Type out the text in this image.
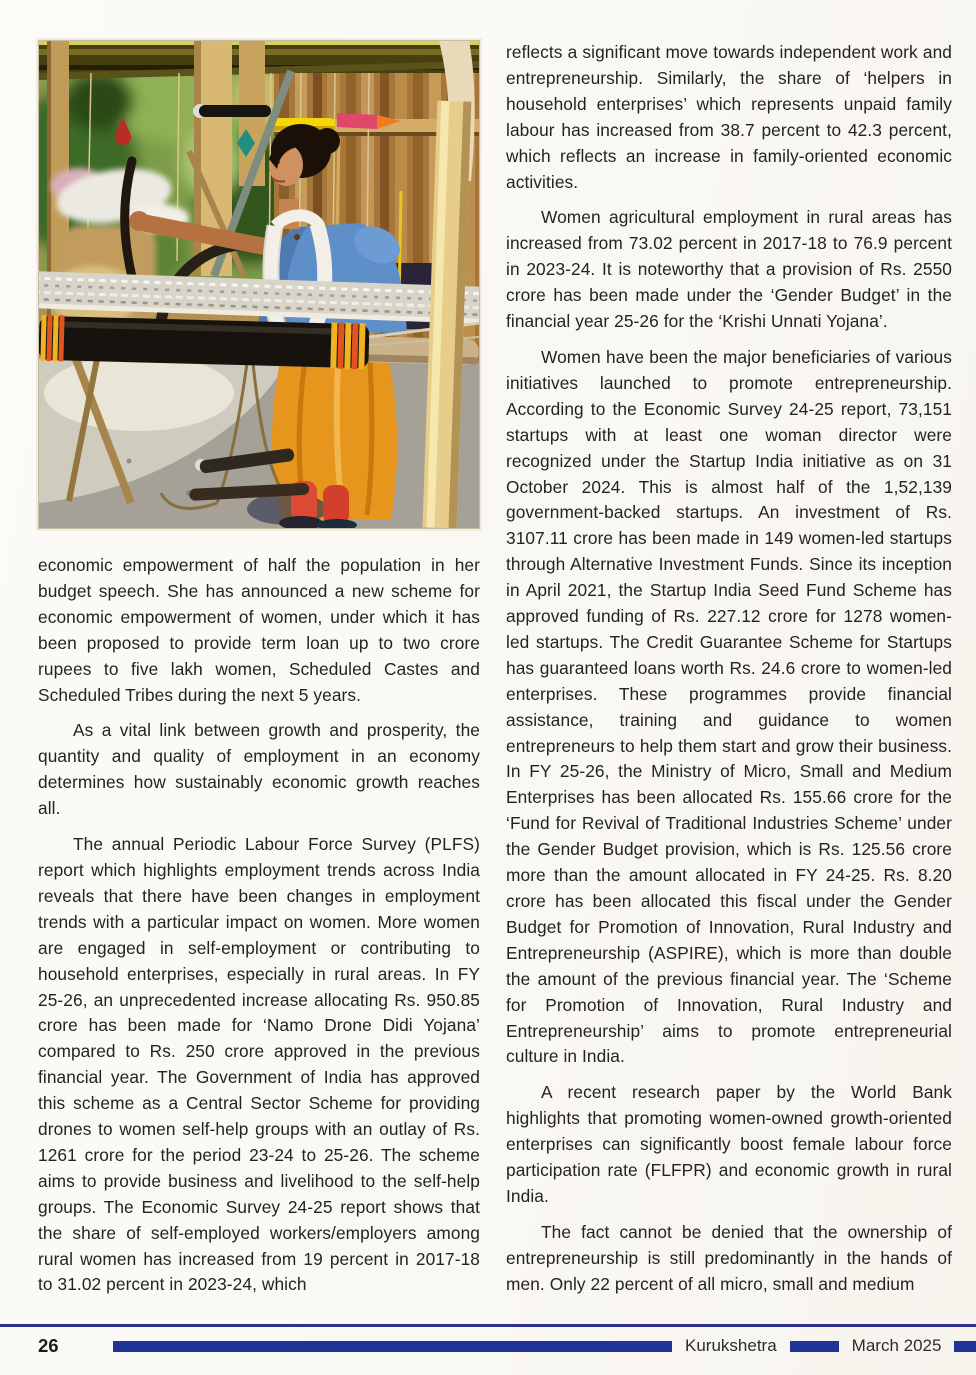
economic empowerment of half the population in her budget speech. She has announced a new scheme for economic empowerment of women, under which it has been proposed to provide term loan up to two crore rupees to five lakh women, Scheduled Castes and Scheduled Tribes during the next 5 years.

As a vital link between growth and prosperity, the quantity and quality of employment in an economy determines how sustainably economic growth reaches all.

The annual Periodic Labour Force Survey (PLFS) report which highlights employment trends across India reveals that there have been changes in employment trends with a particular impact on women. More women are engaged in self-employment or contributing to household enterprises, especially in rural areas. In FY 25-26, an unprecedented increase allocating Rs. 950.85 crore has been made for ‘Namo Drone Didi Yojana’ compared to Rs. 250 crore approved in the previous financial year. The Government of India has approved this scheme as a Central Sector Scheme for providing drones to women self-help groups with an outlay of Rs. 1261 crore for the period 23-24 to 25-26. The scheme aims to provide business and livelihood to the self-help groups. The Economic Survey 24-25 report shows that the share of self-employed workers/employers among rural women has increased from 19 percent in 2017-18 to 31.02 percent in 2023-24, which

reflects a significant move towards independent work and entrepreneurship. Similarly, the share of ‘helpers in household enterprises’ which represents unpaid family labour has increased from 38.7 percent to 42.3 percent, which reflects an increase in family-oriented economic activities.

Women agricultural employment in rural areas has increased from 73.02 percent in 2017-18 to 76.9 percent in 2023-24. It is noteworthy that a provision of Rs. 2550 crore has been made under the ‘Gender Budget’ in the financial year 25-26 for the ‘Krishi Unnati Yojana’.

Women have been the major beneficiaries of various initiatives launched to promote entrepreneurship. According to the Economic Survey 24-25 report, 73,151 startups with at least one woman director were recognized under the Startup India initiative as on 31 October 2024. This is almost half of the 1,52,139 government-backed startups. An investment of Rs. 3107.11 crore has been made in 149 women-led startups through Alternative Investment Funds. Since its inception in April 2021, the Startup India Seed Fund Scheme has approved funding of Rs. 227.12 crore for 1278 women-led startups. The Credit Guarantee Scheme for Startups has guaranteed loans worth Rs. 24.6 crore to women-led enterprises. These programmes provide financial assistance, training and guidance to women entrepreneurs to help them start and grow their business. In FY 25-26, the Ministry of Micro, Small and Medium Enterprises has been allocated Rs. 155.66 crore for the ‘Fund for Revival of Traditional Industries Scheme’ under the Gender Budget provision, which is Rs. 125.56 crore more than the amount allocated in FY 24-25. Rs. 8.20 crore has been allocated this fiscal under the Gender Budget for Promotion of Innovation, Rural Industry and Entrepreneurship (ASPIRE), which is more than double the amount of the previous financial year. The ‘Scheme for Promotion of Innovation, Rural Industry and Entrepreneurship’ aims to promote entrepreneurial culture in India.

A recent research paper by the World Bank highlights that promoting women-owned growth-oriented enterprises can significantly boost female labour force participation rate (FLFPR) and economic growth in rural India.

The fact cannot be denied that the ownership of entrepreneurship is still predominantly in the hands of men. Only 22 percent of all micro, small and medium

26	Kurukshetra	March 2025
